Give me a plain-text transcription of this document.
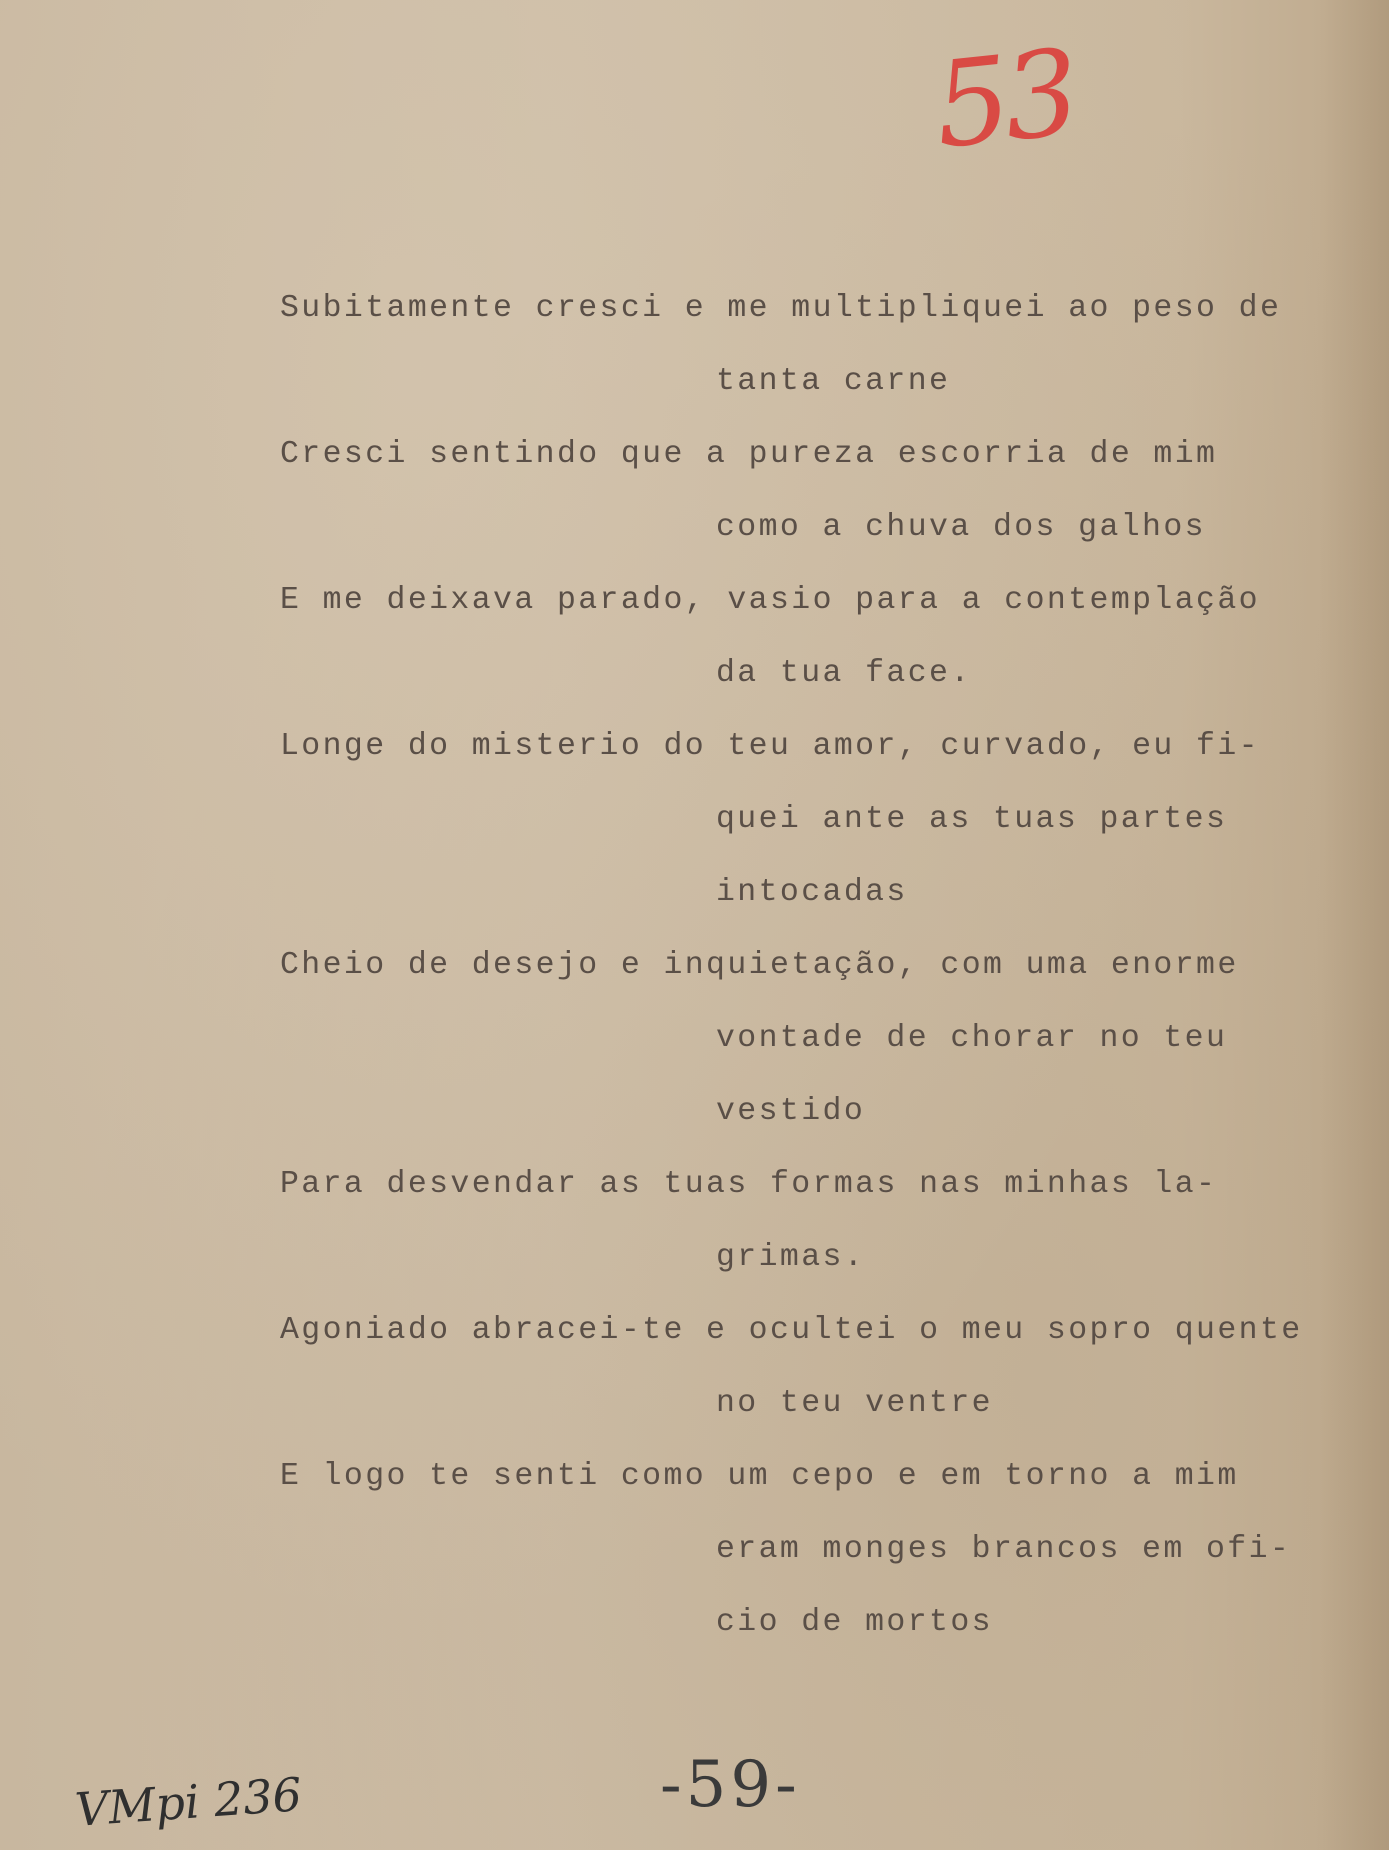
53
Subitamente cresci e me multipliquei ao peso de
tanta carne
Cresci sentindo que a pureza escorria de mim
como a chuva dos galhos
E me deixava parado, vasio para a contemplação
da tua face.
Longe do misterio do teu amor, curvado, eu fi-
quei ante as tuas partes
intocadas
Cheio de desejo e inquietação, com uma enorme
vontade de chorar no teu
vestido
Para desvendar as tuas formas nas minhas la-
grimas.
Agoniado abracei-te e ocultei o meu sopro quente
no teu ventre
E logo te senti como um cepo e em torno a mim
eram monges brancos em ofi-
cio de mortos
VMpi 236	-59-
